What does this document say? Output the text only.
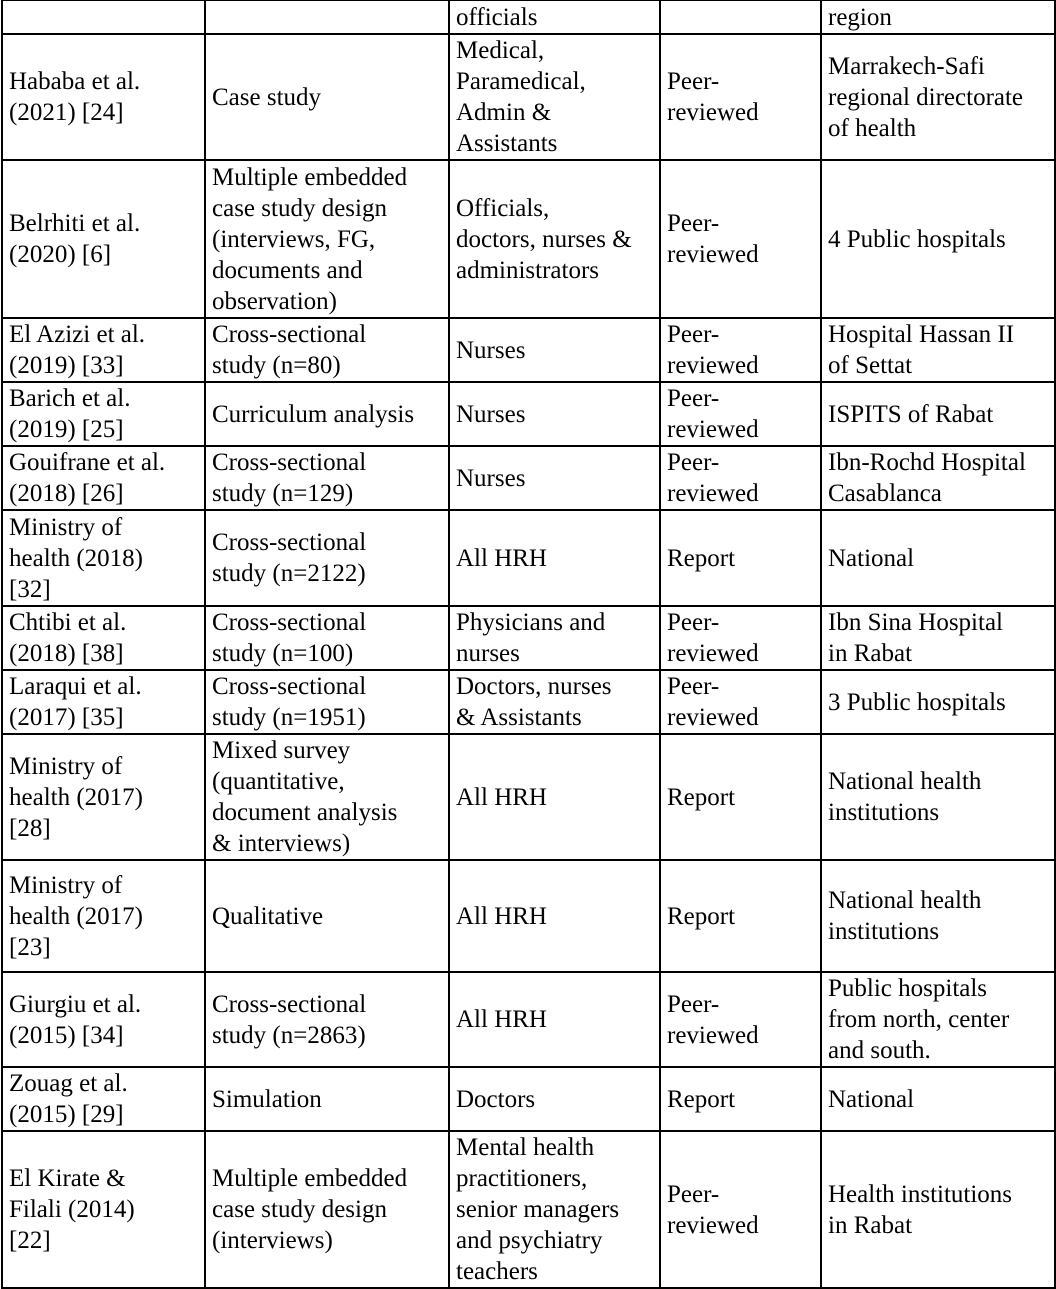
		officials		region

Hababa et al.
(2021) [24]	Case study	Medical,
Paramedical,
Admin &
Assistants	Peer-
reviewed	Marrakech-Safi
regional directorate
of health

Belrhiti et al.
(2020) [6]	Multiple embedded
case study design
(interviews, FG,
documents and
observation)	Officials,
doctors, nurses &
administrators	Peer-
reviewed	4 Public hospitals

El Azizi et al.
(2019) [33]	Cross-sectional
study (n=80)	Nurses	Peer-
reviewed	Hospital Hassan II
of Settat

Barich et al.
(2019) [25]	Curriculum analysis	Nurses	Peer-
reviewed	ISPITS of Rabat

Gouifrane et al.
(2018) [26]	Cross-sectional
study (n=129)	Nurses	Peer-
reviewed	Ibn-Rochd Hospital
Casablanca

Ministry of
health (2018)
[32]	Cross-sectional
study (n=2122)	All HRH	Report	National

Chtibi et al.
(2018) [38]	Cross-sectional
study (n=100)	Physicians and
nurses	Peer-
reviewed	Ibn Sina Hospital
in Rabat

Laraqui et al.
(2017) [35]	Cross-sectional
study (n=1951)	Doctors, nurses
& Assistants	Peer-
reviewed	3 Public hospitals

Ministry of
health (2017)
[28]	Mixed survey
(quantitative,
document analysis
& interviews)	All HRH	Report	National health
institutions

Ministry of
health (2017)
[23]	Qualitative	All HRH	Report	National health
institutions

Giurgiu et al.
(2015) [34]	Cross-sectional
study (n=2863)	All HRH	Peer-
reviewed	Public hospitals
from north, center
and south.

Zouag et al.
(2015) [29]	Simulation	Doctors	Report	National

El Kirate &
Filali (2014)
[22]	Multiple embedded
case study design
(interviews)	Mental health
practitioners,
senior managers
and psychiatry
teachers	Peer-
reviewed	Health institutions
in Rabat
